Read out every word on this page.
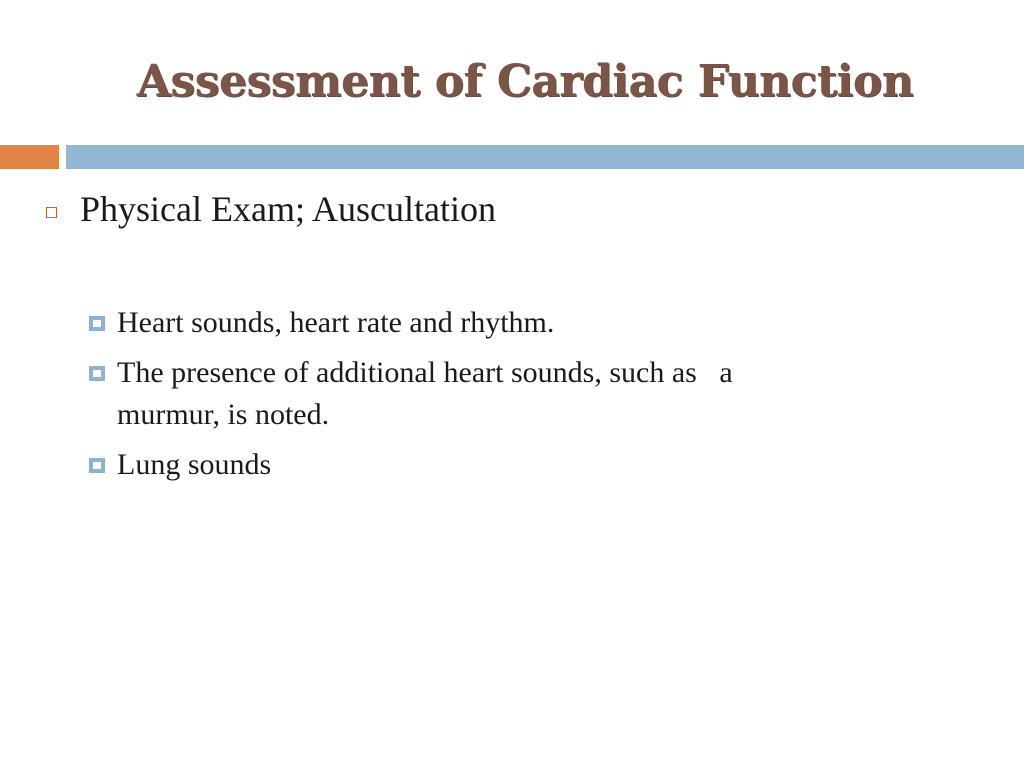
Assessment of Cardiac Function
Physical Exam; Auscultation
Heart sounds, heart rate and rhythm.
The presence of additional heart sounds, such as   a
murmur, is noted.
Lung sounds
